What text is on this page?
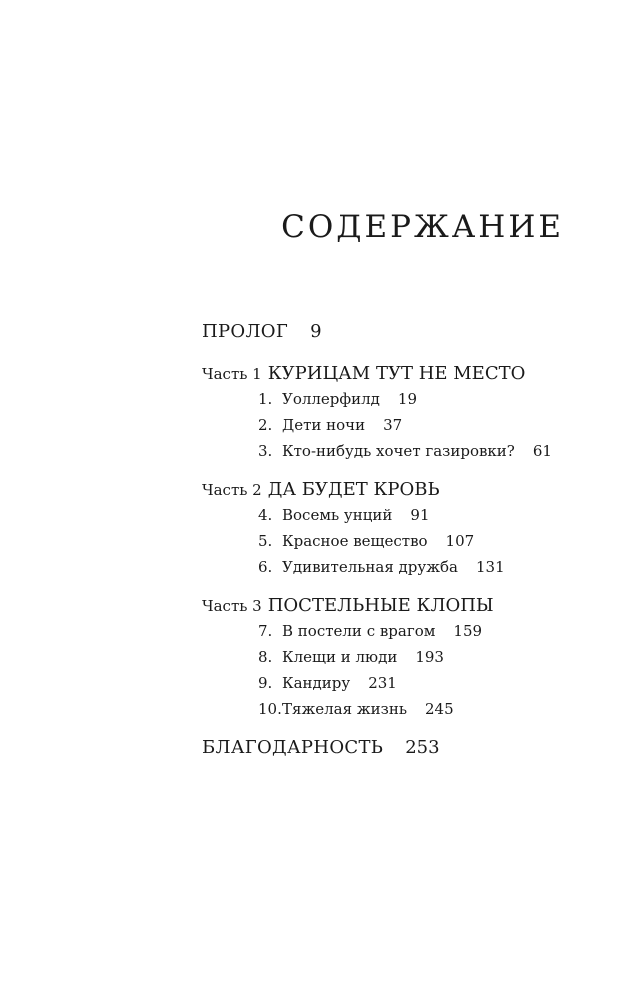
СОДЕРЖАНИЕ
ПРОЛОГ 9
Часть 1 КУРИЦАМ ТУТ НЕ МЕСТО
1. Уоллерфилд 19
2. Дети ночи 37
3. Кто-нибудь хочет газировки? 61
Часть 2 ДА БУДЕТ КРОВЬ
4. Восемь унций 91
5. Красное вещество 107
6. Удивительная дружба 131
Часть 3 ПОСТЕЛЬНЫЕ КЛОПЫ
7. В постели с врагом 159
8. Клещи и люди 193
9. Кандиру 231
10.Тяжелая жизнь 245
БЛАГОДАРНОСТЬ 253
